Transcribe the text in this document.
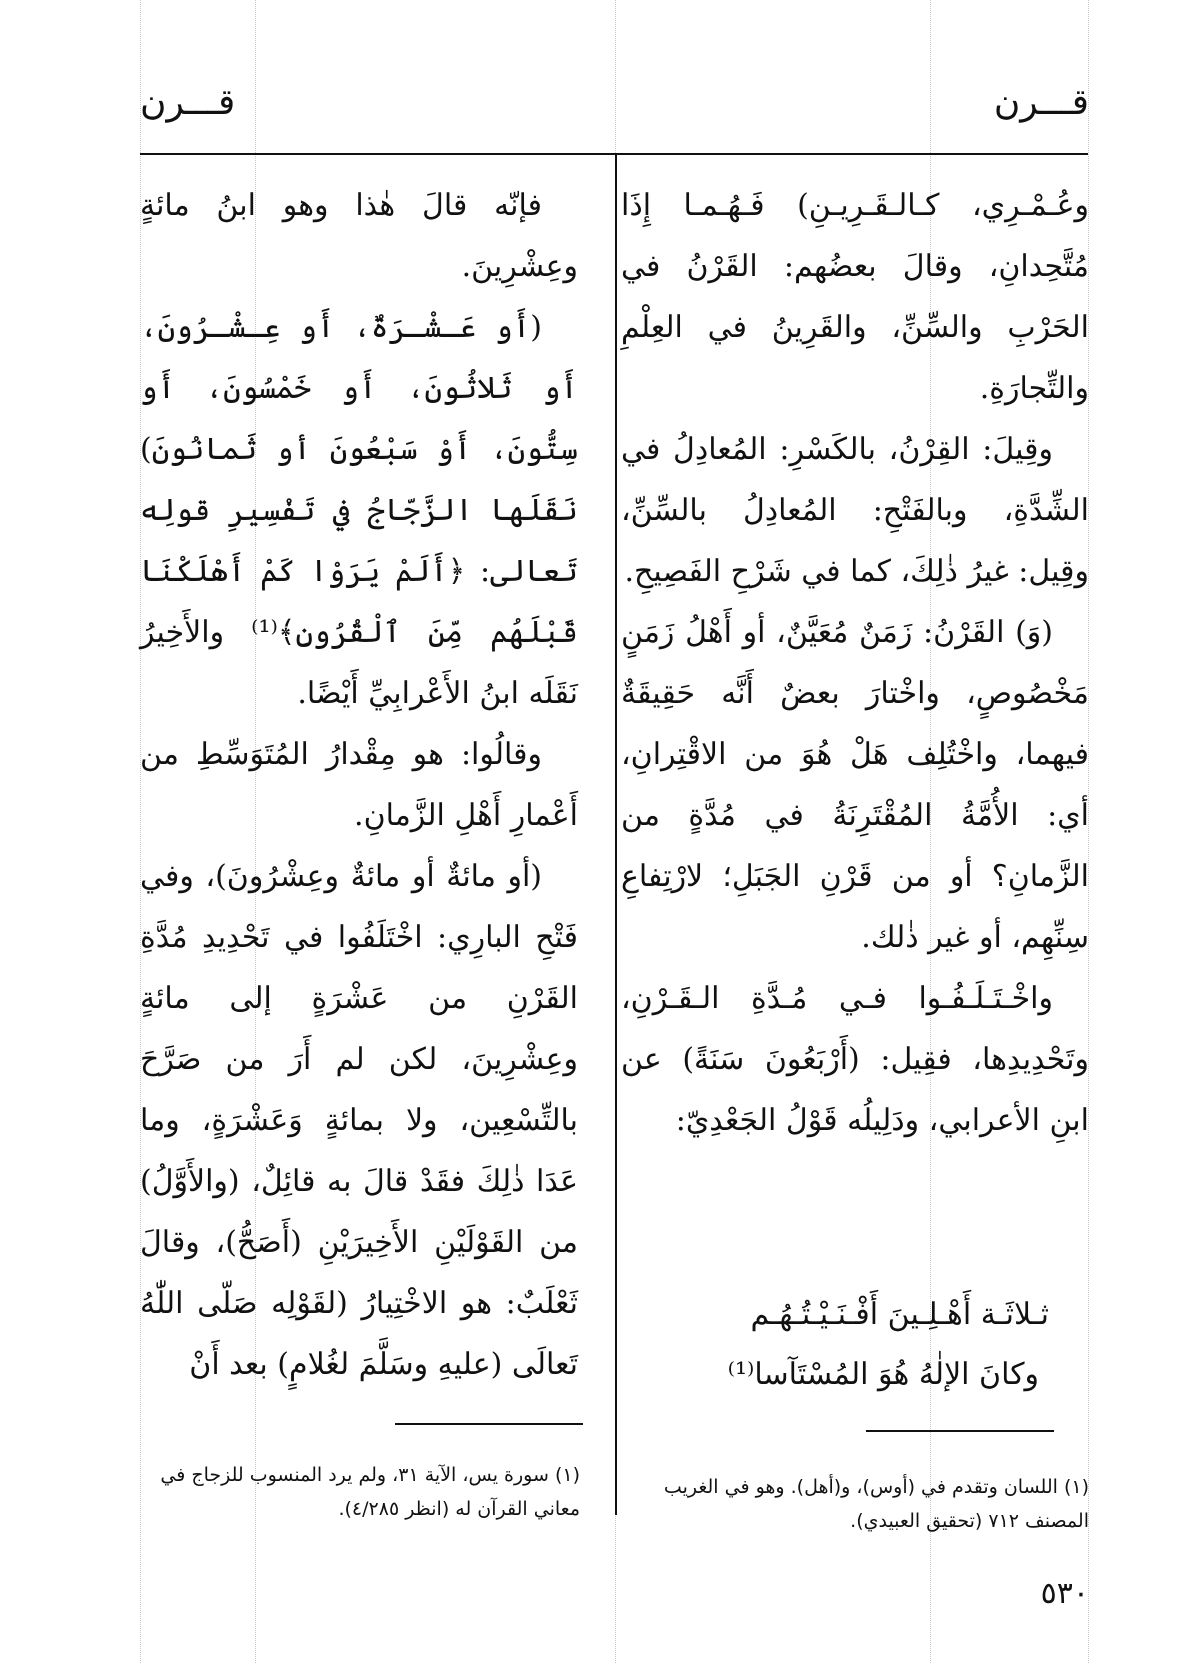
قـــرن
قـــرن

وعُـمْـرِي، كـالـقَـرِيـنِ) فَـهُـمـا إِذَا مُتَّحِدانِ، وقالَ بعضُهم: القَرْنُ في الحَرْبِ والسِّنِّ، والقَرِينُ في العِلْمِ والتِّجارَةِ.

وقِيلَ: القِرْنُ، بالكَسْرِ: المُعادِلُ في الشِّدَّةِ، وبالفَتْحِ: المُعادِلُ بالسِّنِّ، وقِيل: غيرُ ذٰلِكَ، كما في شَرْحِ الفَصِيحِ.

(وَ) القَرْنُ: زَمَنٌ مُعَيَّنٌ، أو أَهْلُ زَمَنٍ مَخْصُوصٍ، واخْتارَ بعضٌ أَنَّه حَقِيقَةٌ فيهما، واخْتُلِف هَلْ هُوَ من الاقْتِرانِ، أي: الأُمَّةُ المُقْتَرِنَةُ في مُدَّةٍ من الزَّمانِ؟ أو من قَرْنِ الجَبَلِ؛ لارْتِفاعِ سِنِّهِم، أو غير ذٰلك.

واخْـتَـلَـفُـوا فـي مُـدَّةِ الـقَـرْنِ، وتَحْدِيدِها، فقِيل: (أَرْبَعُونَ سَنَةً) عن ابنِ الأعرابي، ودَلِيلُه قَوْلُ الجَعْدِيّ:

ثـلاثَـة أَهْـلِـينَ أَفْـنَـيْـتُـهُـم
وكانَ الإلٰهُ هُوَ المُسْتَآسا⁽¹⁾

فإنّه قالَ هٰذا وهو ابنُ مائةٍ وعِشْرِينَ.

(أَو عَـشْـرَةٌ، أَو عِـشْـرُونَ، أَو ثَلاثُونَ، أَو خَمْسُونَ، أَو سِتُّونَ، أَوْ سَبْعُونَ أو ثَمانُونَ) نَقَلَها الزَّجّاجُ في تَفْسِيرِ قولِه تَعالى: ﴿أَلَمْ يَرَوْا كَمْ أَهْلَكْنَا قَبْلَهُم مِّنَ ٱلْقُرُونِ﴾⁽¹⁾ والأَخِيرُ نَقَلَه ابنُ الأَعْرابِيِّ أَيْضًا.

وقالُوا: هو مِقْدارُ المُتَوَسِّطِ من أَعْمارِ أَهْلِ الزَّمانِ.

(أو مائةٌ أو مائةٌ وعِشْرُونَ)، وفي فَتْحِ البارِي: اخْتَلَفُوا في تَحْدِيدِ مُدَّةِ القَرْنِ من عَشْرَةٍ إلى مائةٍ وعِشْرِينَ، لكن لم أَرَ من صَرَّحَ بالتِّسْعِين، ولا بمائةٍ وَعَشْرَةٍ، وما عَدَا ذٰلِكَ فقَدْ قالَ به قائِلٌ، (والأَوَّلُ) من القَوْلَيْنِ الأَخِيرَيْنِ (أَصَحُّ)، وقالَ ثَعْلَبٌ: هو الاخْتِيارُ (لقَوْلِه صَلّى اللّٰهُ تَعالَى (عليهِ وسَلَّمَ لغُلامٍ) بعد أَنْ

(١) اللسان وتقدم في (أوس)، و(أهل). وهو في الغريب المصنف ٧١٢ (تحقيق العبيدي).
(١) سورة يس، الآية ٣١، ولم يرد المنسوب للزجاج في معاني القرآن له (انظر ٤/٢٨٥).
٥٣٠
